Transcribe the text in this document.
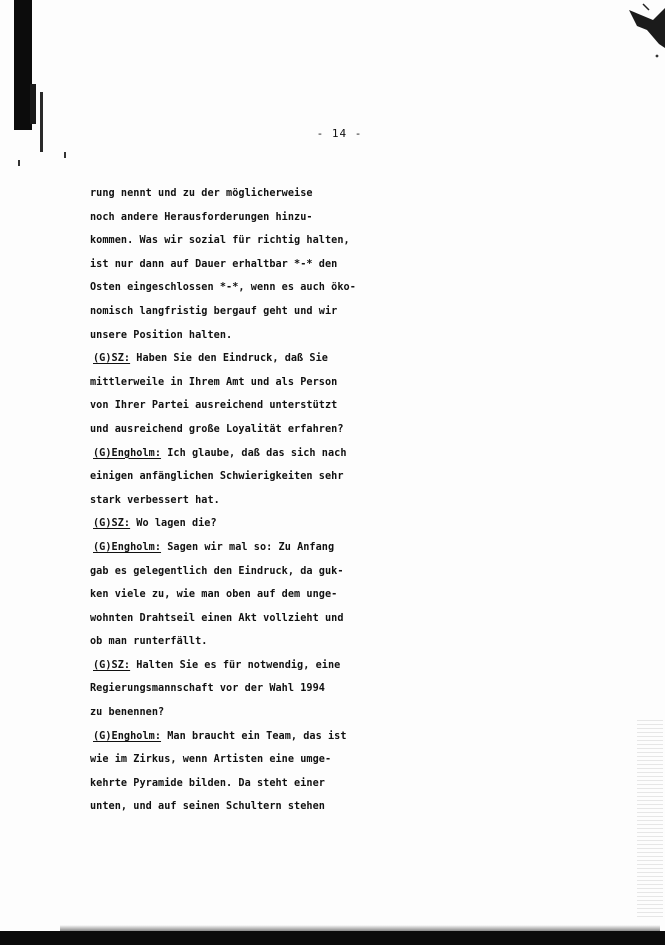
- 14 -
rung nennt und zu der möglicherweise
noch andere Herausforderungen hinzu-
kommen. Was wir sozial für richtig halten,
ist nur dann auf Dauer erhaltbar *-* den
Osten eingeschlossen *-*, wenn es auch öko-
nomisch langfristig bergauf geht und wir
unsere Position halten.
(G)SZ: Haben Sie den Eindruck, daß Sie
mittlerweile in Ihrem Amt und als Person
von Ihrer Partei ausreichend unterstützt
und ausreichend große Loyalität erfahren?
(G)Engholm: Ich glaube, daß das sich nach
einigen anfänglichen Schwierigkeiten sehr
stark verbessert hat.
(G)SZ: Wo lagen die?
(G)Engholm: Sagen wir mal so: Zu Anfang
gab es gelegentlich den Eindruck, da guk-
ken viele zu, wie man oben auf dem unge-
wohnten Drahtseil einen Akt vollzieht und
ob man runterfällt.
(G)SZ: Halten Sie es für notwendig, eine
Regierungsmannschaft vor der Wahl 1994
zu benennen?
(G)Engholm: Man braucht ein Team, das ist
wie im Zirkus, wenn Artisten eine umge-
kehrte Pyramide bilden. Da steht einer
unten, und auf seinen Schultern stehen
